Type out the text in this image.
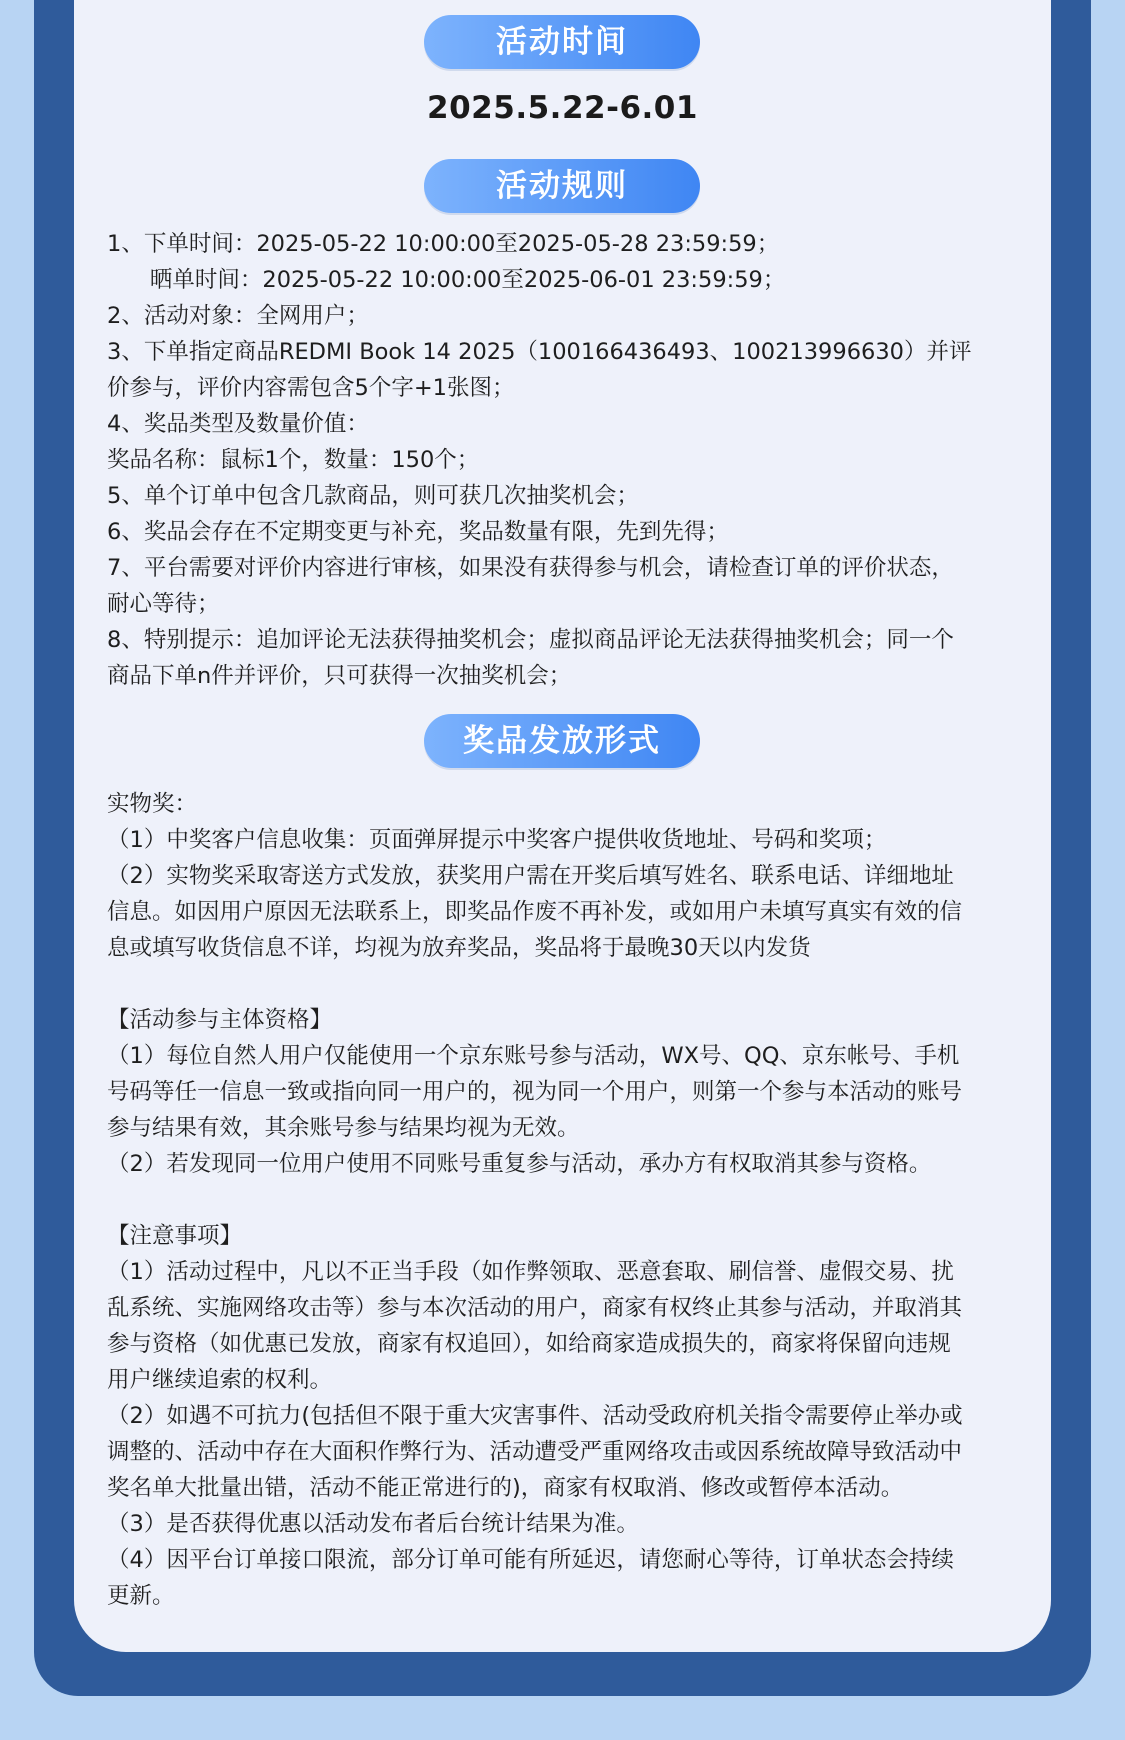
活动时间
2025.5.22-6.01
活动规则
1、下单时间：2025-05-22 10:00:00至2025-05-28 23:59:59；
晒单时间：2025-05-22 10:00:00至2025-06-01 23:59:59；
2、活动对象：全网用户；
3、下单指定商品REDMI Book 14 2025（100166436493、100213996630）并评
价参与，评价内容需包含5个字+1张图；
4、奖品类型及数量价值：
奖品名称：鼠标1个，数量：150个；
5、单个订单中包含几款商品，则可获几次抽奖机会；
6、奖品会存在不定期变更与补充，奖品数量有限，先到先得；
7、平台需要对评价内容进行审核，如果没有获得参与机会，请检查订单的评价状态，
耐心等待；
8、特别提示：追加评论无法获得抽奖机会；虚拟商品评论无法获得抽奖机会；同一个
商品下单n件并评价，只可获得一次抽奖机会；
奖品发放形式
实物奖：
（1）中奖客户信息收集：页面弹屏提示中奖客户提供收货地址、号码和奖项；
（2）实物奖采取寄送方式发放，获奖用户需在开奖后填写姓名、联系电话、详细地址
信息。如因用户原因无法联系上，即奖品作废不再补发，或如用户未填写真实有效的信
息或填写收货信息不详，均视为放弃奖品，奖品将于最晚30天以内发货
【活动参与主体资格】
（1）每位自然人用户仅能使用一个京东账号参与活动，WX号、QQ、京东帐号、手机
号码等任一信息一致或指向同一用户的，视为同一个用户，则第一个参与本活动的账号
参与结果有效，其余账号参与结果均视为无效。
（2）若发现同一位用户使用不同账号重复参与活动，承办方有权取消其参与资格。
【注意事项】
（1）活动过程中，凡以不正当手段（如作弊领取、恶意套取、刷信誉、虚假交易、扰
乱系统、实施网络攻击等）参与本次活动的用户，商家有权终止其参与活动，并取消其
参与资格（如优惠已发放，商家有权追回），如给商家造成损失的，商家将保留向违规
用户继续追索的权利。
（2）如遇不可抗力(包括但不限于重大灾害事件、活动受政府机关指令需要停止举办或
调整的、活动中存在大面积作弊行为、活动遭受严重网络攻击或因系统故障导致活动中
奖名单大批量出错，活动不能正常进行的)，商家有权取消、修改或暂停本活动。
（3）是否获得优惠以活动发布者后台统计结果为准。
（4）因平台订单接口限流，部分订单可能有所延迟，请您耐心等待，订单状态会持续
更新。
